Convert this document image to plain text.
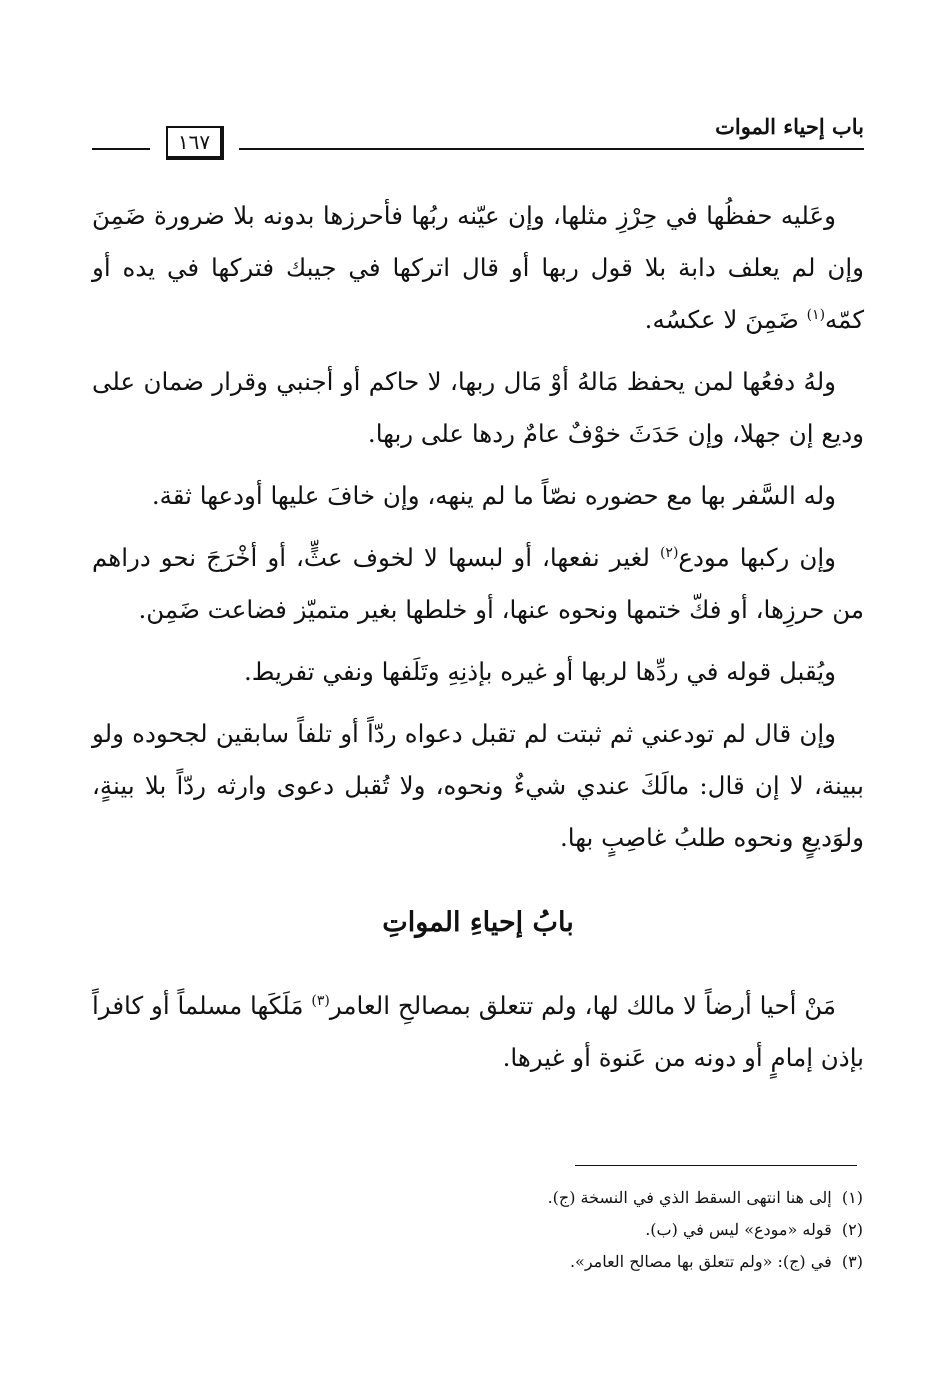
باب إحياء الموات
١٦٧

وعَليه حفظُها في حِرْزِ مثلها، وإن عيّنه ربُها فأحرزها بدونه بلا ضرورة ضَمِنَ وإن لم يعلف دابة بلا قول ربها أو قال اتركها في جيبك فتركها في يده أو كمّه$^{(١)}$ ضَمِنَ لا عكسُه.

ولهُ دفعُها لمن يحفظ مَالهُ أوْ مَال ربها، لا حاكم أو أجنبي وقرار ضمان على وديع إن جهلا، وإن حَدَثَ خوْفٌ عامٌ ردها على ربها.

وله السَّفر بها مع حضوره نصّاً ما لم ينهه، وإن خافَ عليها أودعها ثقة.

وإن ركبها مودع$^{(٢)}$ لغير نفعها، أو لبسها لا لخوف عثٍّ، أو أخْرَجَ نحو دراهم من حرزِها، أو فكّ ختمها ونحوه عنها، أو خلطها بغير متميّز فضاعت ضَمِن.

ويُقبل قوله في ردِّها لربها أو غيره بإذنِهِ وتَلَفها ونفي تفريط.

وإن قال لم تودعني ثم ثبتت لم تقبل دعواه ردّاً أو تلفاً سابقين لجحوده ولو ببينة، لا إن قال: مالَكَ عندي شيءٌ ونحوه، ولا تُقبل دعوى وارثه ردّاً بلا بينةٍ، ولوَديعٍ ونحوه طلبُ غاصِبٍ بها.

بابُ إحياءِ المواتِ

مَنْ أحيا أرضاً لا مالك لها، ولم تتعلق بمصالحِ العامر$^{(٣)}$ مَلَكَها مسلماً أو كافراً بإذن إمامٍ أو دونه من عَنوة أو غيرها.

(١)  إلى هنا انتهى السقط الذي في النسخة (ج).

(٢)  قوله «مودع» ليس في (ب).

(٣)  في (ج): «ولم تتعلق بها مصالح العامر».
